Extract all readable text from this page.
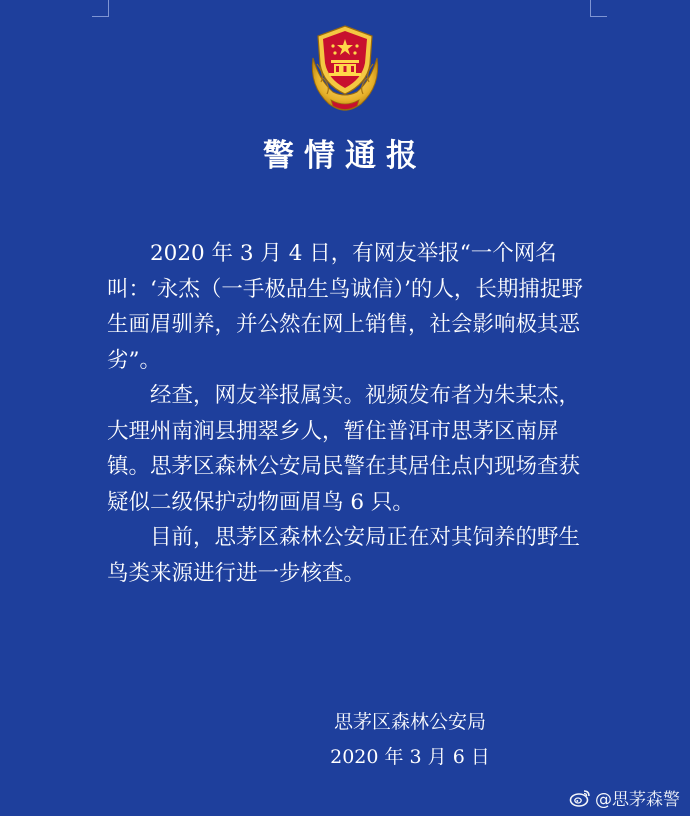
警情通报

2020 年 3 月 4 日，有网友举报“一个网名叫：‘永杰（一手极品生鸟诚信）’的人，长期捕捉野生画眉驯养，并公然在网上销售，社会影响极其恶劣”。

经查，网友举报属实。视频发布者为朱某杰，大理州南涧县拥翠乡人，暂住普洱市思茅区南屏镇。思茅区森林公安局民警在其居住点内现场查获疑似二级保护动物画眉鸟 6 只。

目前，思茅区森林公安局正在对其饲养的野生鸟类来源进行进一步核查。

思茅区森林公安局
2020 年 3 月 6 日
@思茅森警
